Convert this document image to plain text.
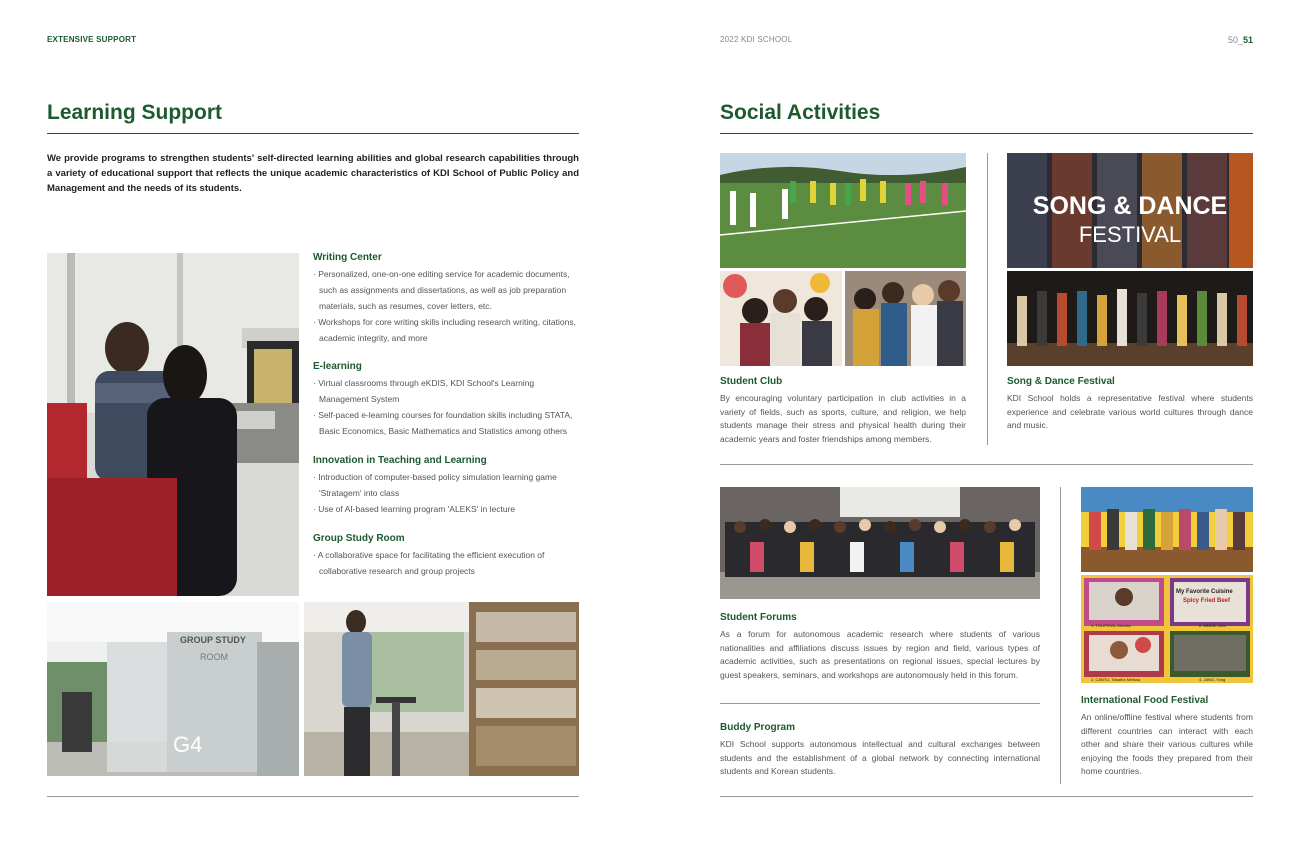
EXTENSIVE SUPPORT	2022 KDI SCHOOL	50_51
Learning Support
We provide programs to strengthen students' self-directed learning abilities and global research capabilities through a variety of educational support that reflects the unique academic characteristics of KDI School of Public Policy and Management and the needs of its students.
Writing Center
· Personalized, one-on-one editing service for academic documents, such as assignments and dissertations, as well as job preparation materials, such as resumes, cover letters, etc.
· Workshops for core writing skills including research writing, citations, academic integrity, and more
E-learning
· Virtual classrooms through eKDIS, KDI School's Learning Management System
· Self-paced e-learning courses for foundation skills including STATA, Basic Economics, Basic Mathematics and Statistics among others
Innovation in Teaching and Learning
· Introduction of computer-based policy simulation learning game 'Stratagem' into class
· Use of AI-based learning program 'ALEKS' in lecture
Group Study Room
· A collaborative space for facilitating the efficient execution of collaborative research and group projects
GROUP STUDY
ROOM
G4
Social Activities
Student Club
By encouraging voluntary participation in club activities in a variety of fields, such as sports, culture, and religion, we help students manage their stress and physical health during their academic years and foster friendships among members.
SONG & DANCE
FESTIVAL
Song & Dance Festival
KDI School holds a representative festival where students experience and celebrate various world cultures through dance and music.
Student Forums
As a forum for autonomous academic research where students of various nationalities and affiliations discuss issues by region and field, various types of academic activities, such as presentations on regional issues, special lectures by guest speakers, seminars, and workshops are autonomously held in this forum.
Buddy Program
KDI School supports autonomous intellectual and cultural exchanges between students and the establishment of a global network by connecting international students and Korean students.
My Favorite Cuisine
Spicy Fried Beef
1. TOLIPOVA, Dilnoka	2. ABDUL, Aziz
3. CANTU, Tabatha Melissa	4. JANG, Yong
International Food Festival
An online/offline festival where students from different countries can interact with each other and share their various cultures while enjoying the foods they prepared from their home countries.
